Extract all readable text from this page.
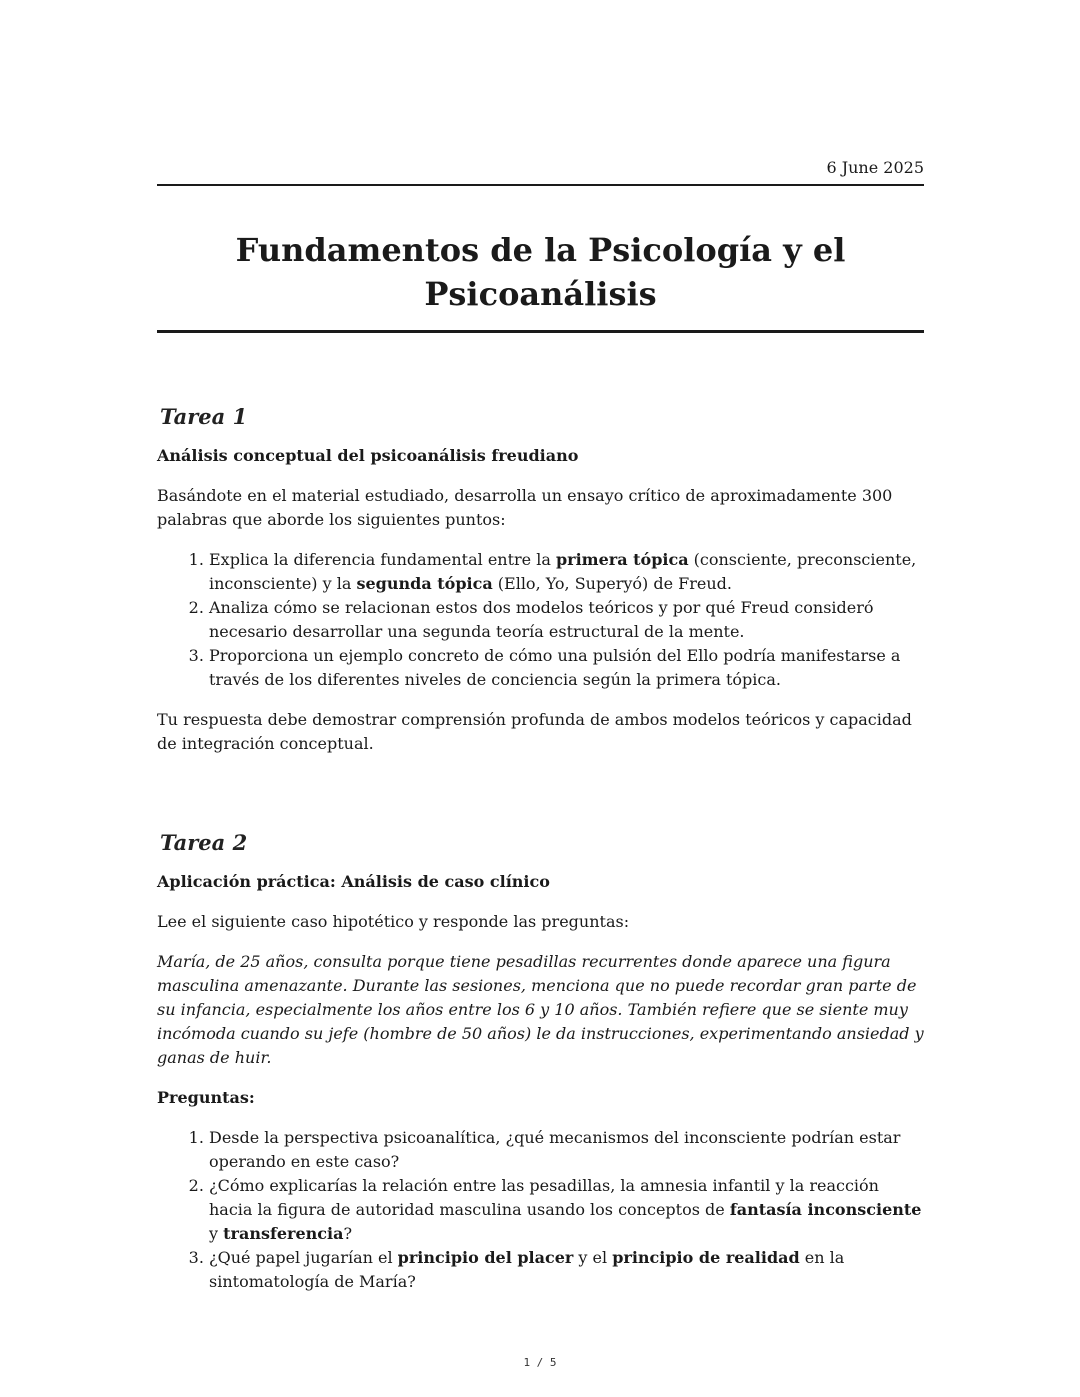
6 June 2025
Fundamentos de la Psicología y el Psicoanálisis
Tarea 1
Análisis conceptual del psicoanálisis freudiano

Basándote en el material estudiado, desarrolla un ensayo crítico de aproximadamente 300 palabras que aborde los siguientes puntos:

1. Explica la diferencia fundamental entre la primera tópica (consciente, preconsciente, inconsciente) y la segunda tópica (Ello, Yo, Superyó) de Freud.
2. Analiza cómo se relacionan estos dos modelos teóricos y por qué Freud consideró necesario desarrollar una segunda teoría estructural de la mente.
3. Proporciona un ejemplo concreto de cómo una pulsión del Ello podría manifestarse a través de los diferentes niveles de conciencia según la primera tópica.

Tu respuesta debe demostrar comprensión profunda de ambos modelos teóricos y capacidad de integración conceptual.

Tarea 2
Aplicación práctica: Análisis de caso clínico

Lee el siguiente caso hipotético y responde las preguntas:

María, de 25 años, consulta porque tiene pesadillas recurrentes donde aparece una figura masculina amenazante. Durante las sesiones, menciona que no puede recordar gran parte de su infancia, especialmente los años entre los 6 y 10 años. También refiere que se siente muy incómoda cuando su jefe (hombre de 50 años) le da instrucciones, experimentando ansiedad y ganas de huir.

Preguntas:

1. Desde la perspectiva psicoanalítica, ¿qué mecanismos del inconsciente podrían estar operando en este caso?
2. ¿Cómo explicarías la relación entre las pesadillas, la amnesia infantil y la reacción hacia la figura de autoridad masculina usando los conceptos de fantasía inconsciente y transferencia?
3. ¿Qué papel jugarían el principio del placer y el principio de realidad en la sintomatología de María?
1 / 5
